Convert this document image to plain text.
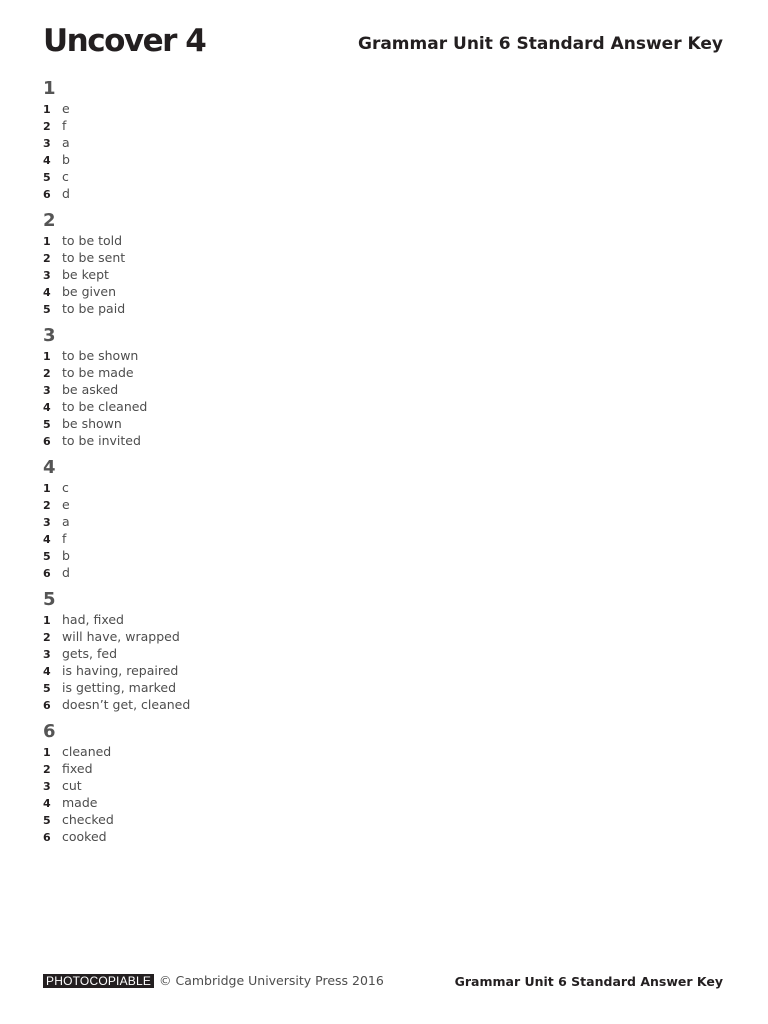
Uncover 4	Grammar Unit 6 Standard Answer Key
1
1 e
2 f
3 a
4 b
5 c
6 d
2
1 to be told
2 to be sent
3 be kept
4 be given
5 to be paid
3
1 to be shown
2 to be made
3 be asked
4 to be cleaned
5 be shown
6 to be invited
4
1 c
2 e
3 a
4 f
5 b
6 d
5
1 had, fixed
2 will have, wrapped
3 gets, fed
4 is having, repaired
5 is getting, marked
6 doesn’t get, cleaned
6
1 cleaned
2 fixed
3 cut
4 made
5 checked
6 cooked
PHOTOCOPIABLE © Cambridge University Press 2016	Grammar Unit 6 Standard Answer Key
